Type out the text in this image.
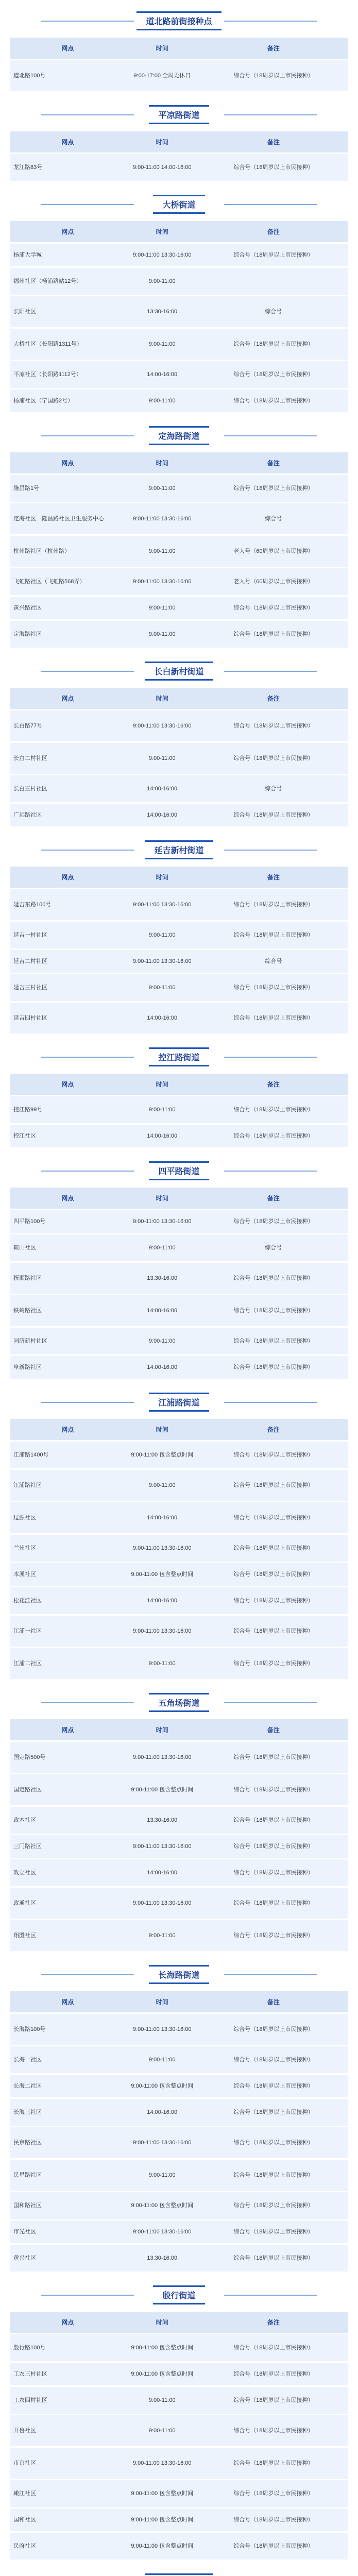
道北路前街接种点
网点	时间	备注
道北路100号	9:00-17:00 全周无休日	综合号（18周岁以上市民接种）
平凉路街道
网点	时间	备注
龙江路83号	9:00-11:00 14:00-16:00	综合号（18周岁以上市民接种）
大桥街道
网点	时间	备注
杨浦大学城	9:00-11:00 13:30-16:00	综合号（18周岁以上市民接种）
福州社区（杨浦路站12号）	9:00-11:00	
长阳社区	13:30-16:00	综合号
大桥社区（长阳路1311号）	9:00-11:00	综合号（18周岁以上市民接种）
平凉社区（长阳路1112号）	14:00-16:00	综合号（18周岁以上市民接种）
杨浦社区（宁国路2号）	9:00-11:00	综合号（18周岁以上市民接种）
定海路街道
网点	时间	备注
隆昌路1号	9:00-11:00	综合号（18周岁以上市民接种）
定海社区一隆昌路社区卫生服务中心	9:00-11:00 13:30-16:00	综合号
杭州路社区（杭州路）	9:00-11:00	老人号（60周岁以上市民接种）
飞虹路社区（飞虹路568弄）	9:00-11:00 13:30-16:00	老人号（60周岁以上市民接种）
黄兴路社区	9:00-11:00	综合号（18周岁以上市民接种）
定海路社区	9:00-11:00	综合号（18周岁以上市民接种）
长白新村街道
网点	时间	备注
长白路77号	9:00-11:00 13:30-16:00	综合号（18周岁以上市民接种）
长白二村社区	9:00-11:00	综合号（18周岁以上市民接种）
长白三村社区	14:00-16:00	综合号
广远路社区	14:00-16:00	综合号（18周岁以上市民接种）
延吉新村街道
网点	时间	备注
延吉东路100号	9:00-11:00 13:30-16:00	综合号（18周岁以上市民接种）
延吉一村社区	9:00-11:00	综合号（18周岁以上市民接种）
延吉二村社区	9:00-11:00 13:30-16:00	综合号
延吉三村社区	9:00-11:00	综合号（18周岁以上市民接种）
延吉四村社区	14:00-16:00	综合号（18周岁以上市民接种）
控江路街道
网点	时间	备注
控江路99号	9:00-11:00	综合号（18周岁以上市民接种）
控江社区	14:00-16:00	综合号（18周岁以上市民接种）
四平路街道
网点	时间	备注
四平路100号	9:00-11:00 13:30-16:00	综合号（18周岁以上市民接种）
鞍山社区	9:00-11:00	综合号
抚顺路社区	13:30-16:00	综合号（18周岁以上市民接种）
铁岭路社区	14:00-16:00	综合号（18周岁以上市民接种）
同济新村社区	9:00-11:00	综合号（18周岁以上市民接种）
阜新路社区	14:00-16:00	综合号（18周岁以上市民接种）
江浦路街道
网点	时间	备注
江浦路1400号	9:00-11:00 包含整点时间	综合号（18周岁以上市民接种）
江浦路社区	9:00-11:00	综合号（18周岁以上市民接种）
辽源社区	14:00-16:00	综合号（18周岁以上市民接种）
兰州社区	9:00-11:00 13:30-16:00	综合号（18周岁以上市民接种）
本溪社区	9:00-11:00 包含整点时间	综合号（18周岁以上市民接种）
松花江社区	14:00-16:00	综合号（18周岁以上市民接种）
江浦一社区	9:00-11:00 13:30-16:00	综合号（18周岁以上市民接种）
江浦二社区	9:00-11:00	综合号（18周岁以上市民接种）
五角场街道
网点	时间	备注
国定路500号	9:00-11:00 13:30-16:00	综合号（18周岁以上市民接种）
国定路社区	9:00-11:00 包含整点时间	综合号（18周岁以上市民接种）
政本社区	13:30-16:00	综合号（18周岁以上市民接种）
三门路社区	9:00-11:00 13:30-16:00	综合号（18周岁以上市民接种）
政立社区	14:00-16:00	综合号（18周岁以上市民接种）
政通社区	9:00-11:00 13:30-16:00	综合号（18周岁以上市民接种）
翔殷社区	9:00-11:00	综合号（18周岁以上市民接种）
长海路街道
网点	时间	备注
长海路100号	9:00-11:00 13:30-16:00	综合号（18周岁以上市民接种）
长海一社区	9:00-11:00	综合号（18周岁以上市民接种）
长海二社区	9:00-11:00 包含整点时间	综合号（18周岁以上市民接种）
长海三社区	14:00-16:00	综合号（18周岁以上市民接种）
民京路社区	9:00-11:00 13:30-16:00	综合号（18周岁以上市民接种）
民星路社区	9:00-11:00	综合号（18周岁以上市民接种）
国和路社区	9:00-11:00 包含整点时间	综合号（18周岁以上市民接种）
市光社区	9:00-11:00 13:30-16:00	综合号（18周岁以上市民接种）
黄兴社区	13:30-16:00	综合号（18周岁以上市民接种）
殷行街道
网点	时间	备注
殷行路100号	9:00-11:00 包含整点时间	综合号（18周岁以上市民接种）
工农三村社区	9:00-11:00 包含整点时间	综合号（18周岁以上市民接种）
工农四村社区	9:00-11:00	综合号（18周岁以上市民接种）
开鲁社区	9:00-11:00	综合号（18周岁以上市民接种）
市京社区	9:00-11:00 13:30-16:00	综合号（18周岁以上市民接种）
嫩江社区	9:00-11:00 包含整点时间	综合号（18周岁以上市民接种）
国和社区	9:00-11:00 包含整点时间	综合号（18周岁以上市民接种）
民府社区	9:00-11:00 包含整点时间	综合号（18周岁以上市民接种）
